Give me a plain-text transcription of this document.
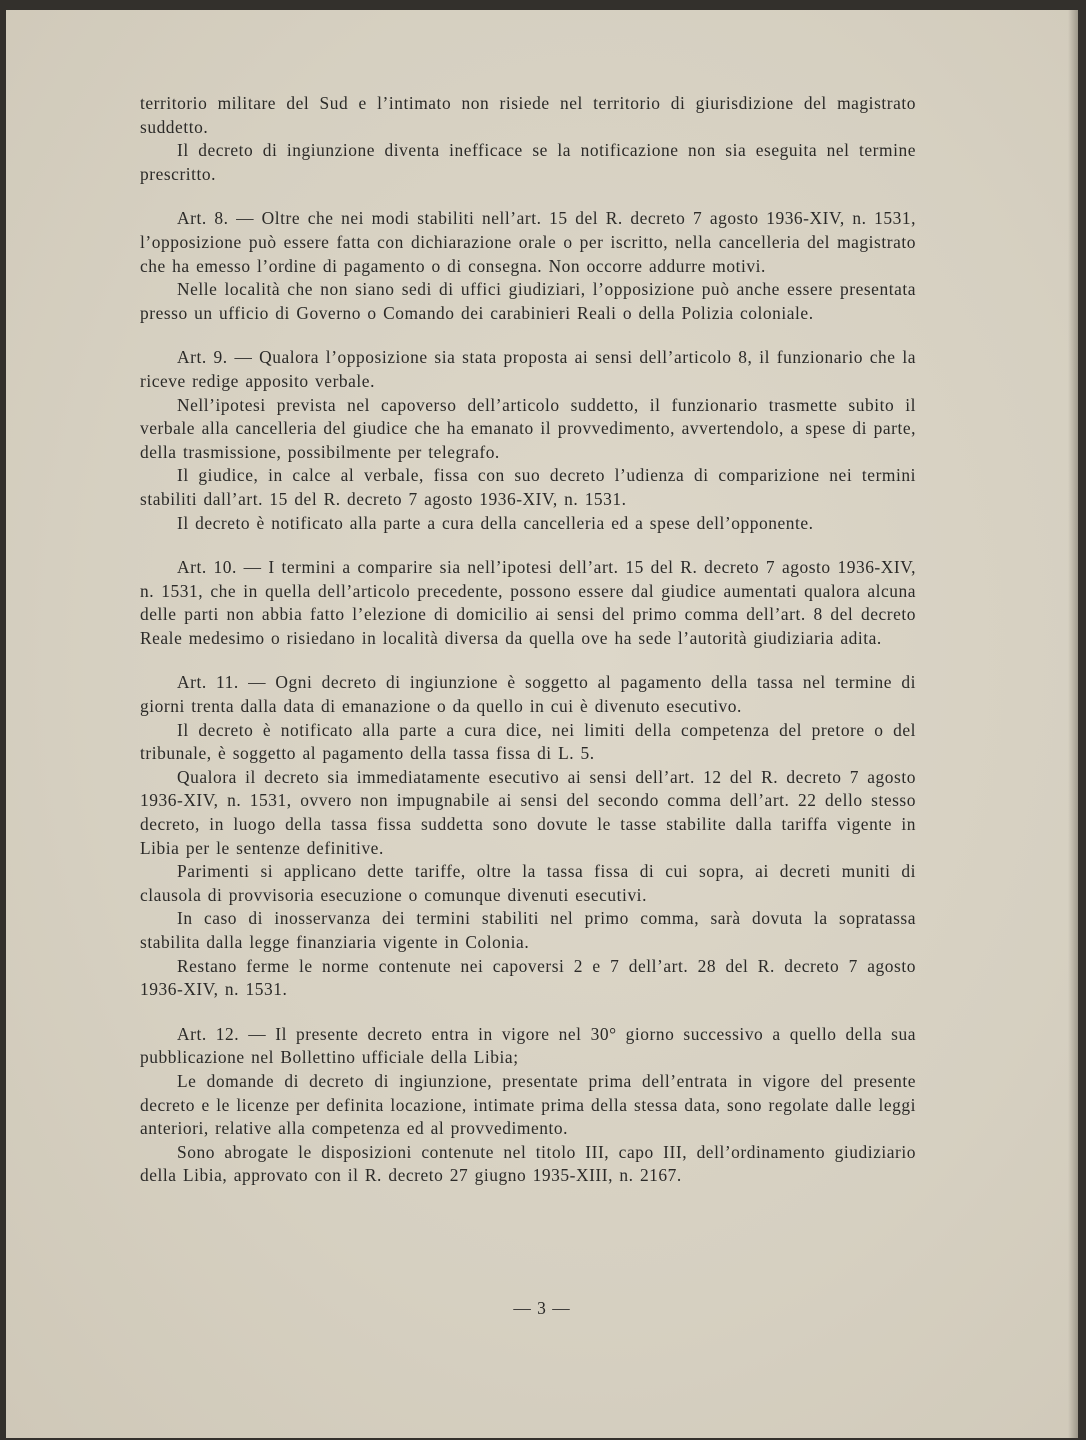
territorio militare del Sud e l’intimato non risiede nel territorio di giurisdizione del magistrato suddetto.

Il decreto di ingiunzione diventa inefficace se la notificazione non sia eseguita nel termine prescritto.

Art. 8. — Oltre che nei modi stabiliti nell’art. 15 del R. decreto 7 agosto 1936-XIV, n. 1531, l’opposizione può essere fatta con dichiarazione orale o per iscritto, nella cancelleria del magistrato che ha emesso l’ordine di pagamento o di consegna. Non occorre addurre motivi.

Nelle località che non siano sedi di uffici giudiziari, l’opposizione può anche essere presentata presso un ufficio di Governo o Comando dei carabinieri Reali o della Polizia coloniale.

Art. 9. — Qualora l’opposizione sia stata proposta ai sensi dell’articolo 8, il funzionario che la riceve redige apposito verbale.

Nell’ipotesi prevista nel capoverso dell’articolo suddetto, il funzionario trasmette subito il verbale alla cancelleria del giudice che ha emanato il provvedimento, avvertendolo, a spese di parte, della trasmissione, possibilmente per telegrafo.

Il giudice, in calce al verbale, fissa con suo decreto l’udienza di comparizione nei termini stabiliti dall’art. 15 del R. decreto 7 agosto 1936-XIV, n. 1531.

Il decreto è notificato alla parte a cura della cancelleria ed a spese dell’opponente.

Art. 10. — I termini a comparire sia nell’ipotesi dell’art. 15 del R. decreto 7 agosto 1936-XIV, n. 1531, che in quella dell’articolo precedente, possono essere dal giudice aumentati qualora alcuna delle parti non abbia fatto l’elezione di domicilio ai sensi del primo comma dell’art. 8 del decreto Reale medesimo o risiedano in località diversa da quella ove ha sede l’autorità giudiziaria adita.

Art. 11. — Ogni decreto di ingiunzione è soggetto al pagamento della tassa nel termine di giorni trenta dalla data di emanazione o da quello in cui è divenuto esecutivo.

Il decreto è notificato alla parte a cura dice, nei limiti della competenza del pretore o del tribunale, è soggetto al pagamento della tassa fissa di L. 5.

Qualora il decreto sia immediatamente esecutivo ai sensi dell’art. 12 del R. decreto 7 agosto 1936-XIV, n. 1531, ovvero non impugnabile ai sensi del secondo comma dell’art. 22 dello stesso decreto, in luogo della tassa fissa suddetta sono dovute le tasse stabilite dalla tariffa vigente in Libia per le sentenze definitive.

Parimenti si applicano dette tariffe, oltre la tassa fissa di cui sopra, ai decreti muniti di clausola di provvisoria esecuzione o comunque divenuti esecutivi.

In caso di inosservanza dei termini stabiliti nel primo comma, sarà dovuta la sopratassa stabilita dalla legge finanziaria vigente in Colonia.

Restano ferme le norme contenute nei capoversi 2 e 7 dell’art. 28 del R. decreto 7 agosto 1936-XIV, n. 1531.

Art. 12. — Il presente decreto entra in vigore nel 30° giorno successivo a quello della sua pubblicazione nel Bollettino ufficiale della Libia;

Le domande di decreto di ingiunzione, presentate prima dell’entrata in vigore del presente decreto e le licenze per definita locazione, intimate prima della stessa data, sono regolate dalle leggi anteriori, relative alla competenza ed al provvedimento.

Sono abrogate le disposizioni contenute nel titolo III, capo III, dell’ordinamento giudiziario della Libia, approvato con il R. decreto 27 giugno 1935-XIII, n. 2167.

— 3 —
